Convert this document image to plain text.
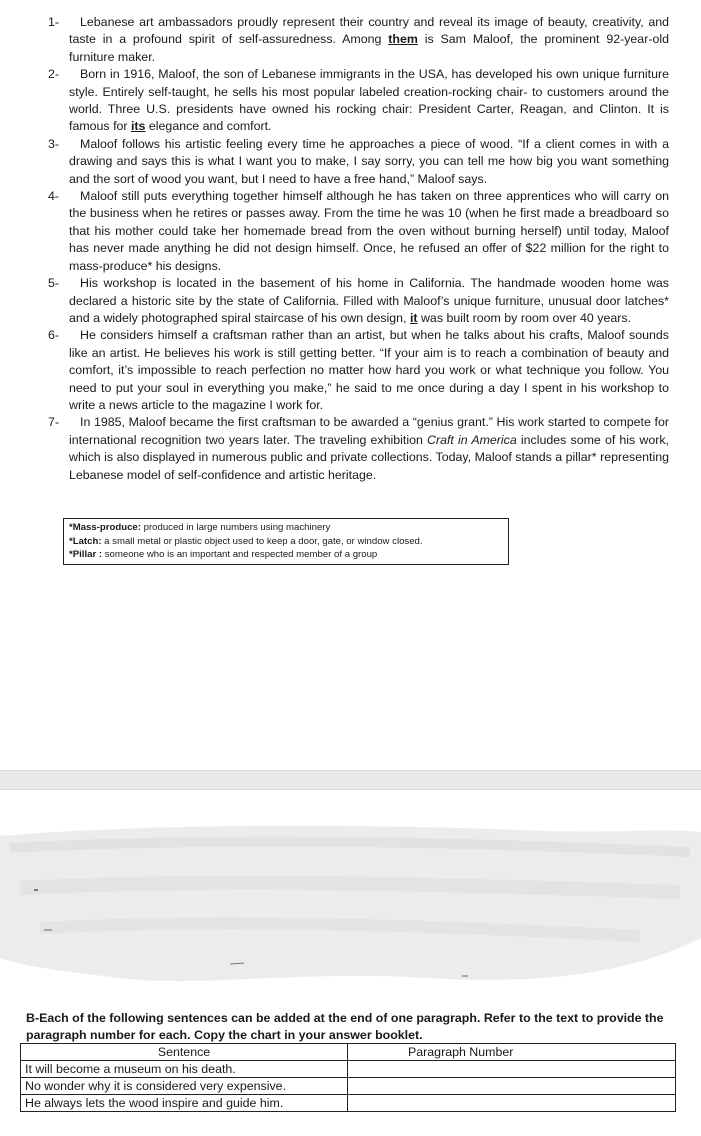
1- Lebanese art ambassadors proudly represent their country and reveal its image of beauty, creativity, and taste in a profound spirit of self-assuredness. Among them is Sam Maloof, the prominent 92-year-old furniture maker.
2- Born in 1916, Maloof, the son of Lebanese immigrants in the USA, has developed his own unique furniture style. Entirely self-taught, he sells his most popular labeled creation-rocking chair- to customers around the world. Three U.S. presidents have owned his rocking chair: President Carter, Reagan, and Clinton. It is famous for its elegance and comfort.
3- Maloof follows his artistic feeling every time he approaches a piece of wood. “If a client comes in with a drawing and says this is what I want you to make, I say sorry, you can tell me how big you want something and the sort of wood you want, but I need to have a free hand,” Maloof says.
4- Maloof still puts everything together himself although he has taken on three apprentices who will carry on the business when he retires or passes away. From the time he was 10 (when he first made a breadboard so that his mother could take her homemade bread from the oven without burning herself) until today, Maloof has never made anything he did not design himself. Once, he refused an offer of $22 million for the right to mass-produce* his designs.
5- His workshop is located in the basement of his home in California. The handmade wooden home was declared a historic site by the state of California. Filled with Maloof’s unique furniture, unusual door latches* and a widely photographed spiral staircase of his own design, it was built room by room over 40 years.
6- He considers himself a craftsman rather than an artist, but when he talks about his crafts, Maloof sounds like an artist. He believes his work is still getting better. “If your aim is to reach a combination of beauty and comfort, it’s impossible to reach perfection no matter how hard you work or what technique you follow. You need to put your soul in everything you make,” he said to me once during a day I spent in his workshop to write a news article to the magazine I work for.
7- In 1985, Maloof became the first craftsman to be awarded a “genius grant.” His work started to compete for international recognition two years later. The traveling exhibition Craft in America includes some of his work, which is also displayed in numerous public and private collections. Today, Maloof stands a pillar* representing Lebanese model of self-confidence and artistic heritage.
*Mass-produce: produced in large numbers using machinery
*Latch: a small metal or plastic object used to keep a door, gate, or window closed.
*Pillar : someone who is an important and respected member of a group
B-Each of the following sentences can be added at the end of one paragraph. Refer to the text to provide the paragraph number for each. Copy the chart in your answer booklet.
Sentence	Paragraph Number
It will become a museum on his death.	
No wonder why it is considered very expensive.	
He always lets the wood inspire and guide him.	
